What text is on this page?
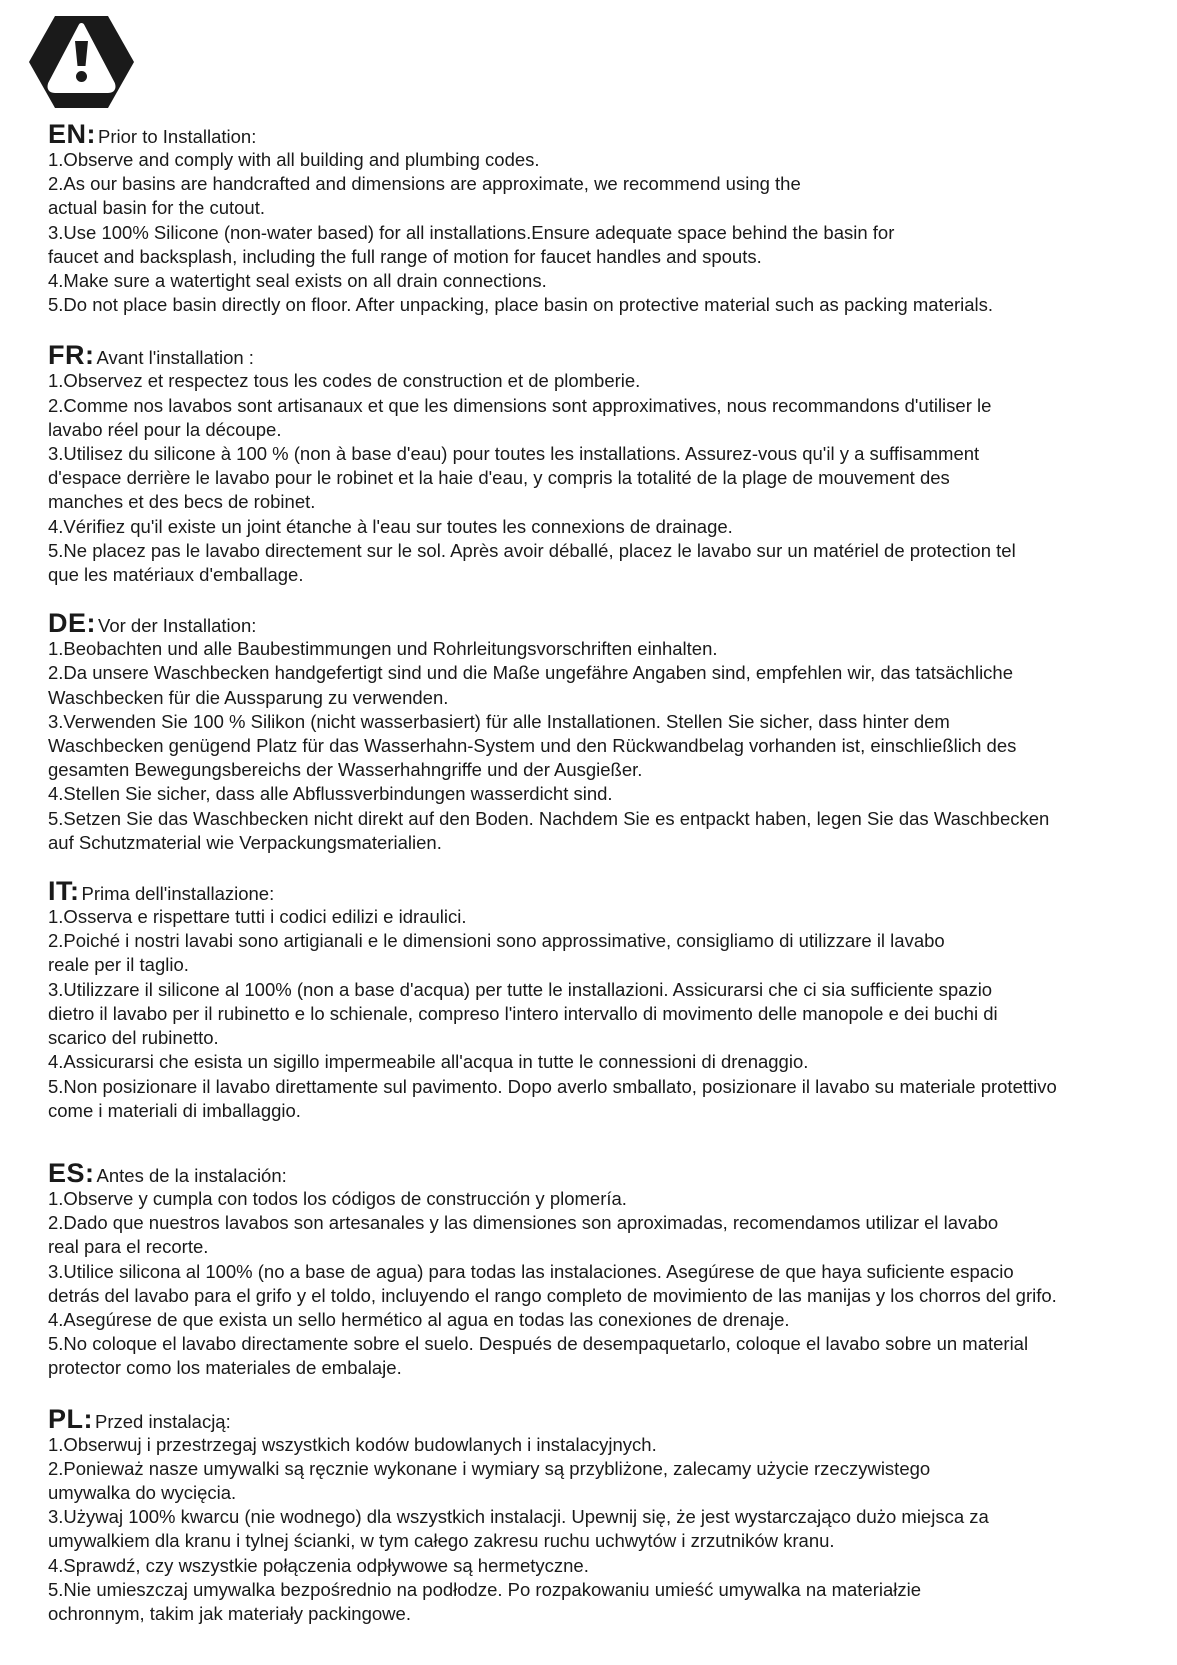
EN: Prior to Installation:
1.Observe and comply with all building and plumbing codes.
2.As our basins are handcrafted and dimensions are approximate, we recommend using the
actual basin for the cutout.
3.Use 100% Silicone (non-water based) for all installations.Ensure adequate space behind the basin for
faucet and backsplash, including the full range of motion for faucet handles and spouts.
4.Make sure a watertight seal exists on all drain connections.
5.Do not place basin directly on floor. After unpacking, place basin on protective material such as packing materials.
FR: Avant l'installation :
1.Observez et respectez tous les codes de construction et de plomberie.
2.Comme nos lavabos sont artisanaux et que les dimensions sont approximatives, nous recommandons d'utiliser le
lavabo réel pour la découpe.
3.Utilisez du silicone à 100 % (non à base d'eau) pour toutes les installations. Assurez-vous qu'il y a suffisamment
d'espace derrière le lavabo pour le robinet et la haie d'eau, y compris la totalité de la plage de mouvement des
manches et des becs de robinet.
4.Vérifiez qu'il existe un joint étanche à l'eau sur toutes les connexions de drainage.
5.Ne placez pas le lavabo directement sur le sol. Après avoir déballé, placez le lavabo sur un matériel de protection tel
que les matériaux d'emballage.
DE: Vor der Installation:
1.Beobachten und alle Baubestimmungen und Rohrleitungsvorschriften einhalten.
2.Da unsere Waschbecken handgefertigt sind und die Maße ungefähre Angaben sind, empfehlen wir, das tatsächliche
Waschbecken für die Aussparung zu verwenden.
3.Verwenden Sie 100 % Silikon (nicht wasserbasiert) für alle Installationen. Stellen Sie sicher, dass hinter dem
Waschbecken genügend Platz für das Wasserhahn-System und den Rückwandbelag vorhanden ist, einschließlich des
gesamten Bewegungsbereichs der Wasserhahngriffe und der Ausgießer.
4.Stellen Sie sicher, dass alle Abflussverbindungen wasserdicht sind.
5.Setzen Sie das Waschbecken nicht direkt auf den Boden. Nachdem Sie es entpackt haben, legen Sie das Waschbecken
auf Schutzmaterial wie Verpackungsmaterialien.
IT: Prima dell'installazione:
1.Osserva e rispettare tutti i codici edilizi e idraulici.
2.Poiché i nostri lavabi sono artigianali e le dimensioni sono approssimative, consigliamo di utilizzare il lavabo
reale per il taglio.
3.Utilizzare il silicone al 100% (non a base d'acqua) per tutte le installazioni. Assicurarsi che ci sia sufficiente spazio
dietro il lavabo per il rubinetto e lo schienale, compreso l'intero intervallo di movimento delle manopole e dei buchi di
scarico del rubinetto.
4.Assicurarsi che esista un sigillo impermeabile all'acqua in tutte le connessioni di drenaggio.
5.Non posizionare il lavabo direttamente sul pavimento. Dopo averlo smballato, posizionare il lavabo su materiale protettivo
come i materiali di imballaggio.
ES: Antes de la instalación:
1.Observe y cumpla con todos los códigos de construcción y plomería.
2.Dado que nuestros lavabos son artesanales y las dimensiones son aproximadas, recomendamos utilizar el lavabo
real para el recorte.
3.Utilice silicona al 100% (no a base de agua) para todas las instalaciones. Asegúrese de que haya suficiente espacio
detrás del lavabo para el grifo y el toldo, incluyendo el rango completo de movimiento de las manijas y los chorros del grifo.
4.Asegúrese de que exista un sello hermético al agua en todas las conexiones de drenaje.
5.No coloque el lavabo directamente sobre el suelo. Después de desempaquetarlo, coloque el lavabo sobre un material
protector como los materiales de embalaje.
PL: Przed instalacją:
1.Obserwuj i przestrzegaj wszystkich kodów budowlanych i instalacyjnych.
2.Ponieważ nasze umywalki są ręcznie wykonane i wymiary są przybliżone, zalecamy użycie rzeczywistego
umywalka do wycięcia.
3.Używaj 100% kwarcu (nie wodnego) dla wszystkich instalacji. Upewnij się, że jest wystarczająco dużo miejsca za
umywalkiem dla kranu i tylnej ścianki, w tym całego zakresu ruchu uchwytów i zrzutników kranu.
4.Sprawdź, czy wszystkie połączenia odpływowe są hermetyczne.
5.Nie umieszczaj umywalka bezpośrednio na podłodze. Po rozpakowaniu umieść umywalka na materiałzie
ochronnym, takim jak materiały packingowe.
